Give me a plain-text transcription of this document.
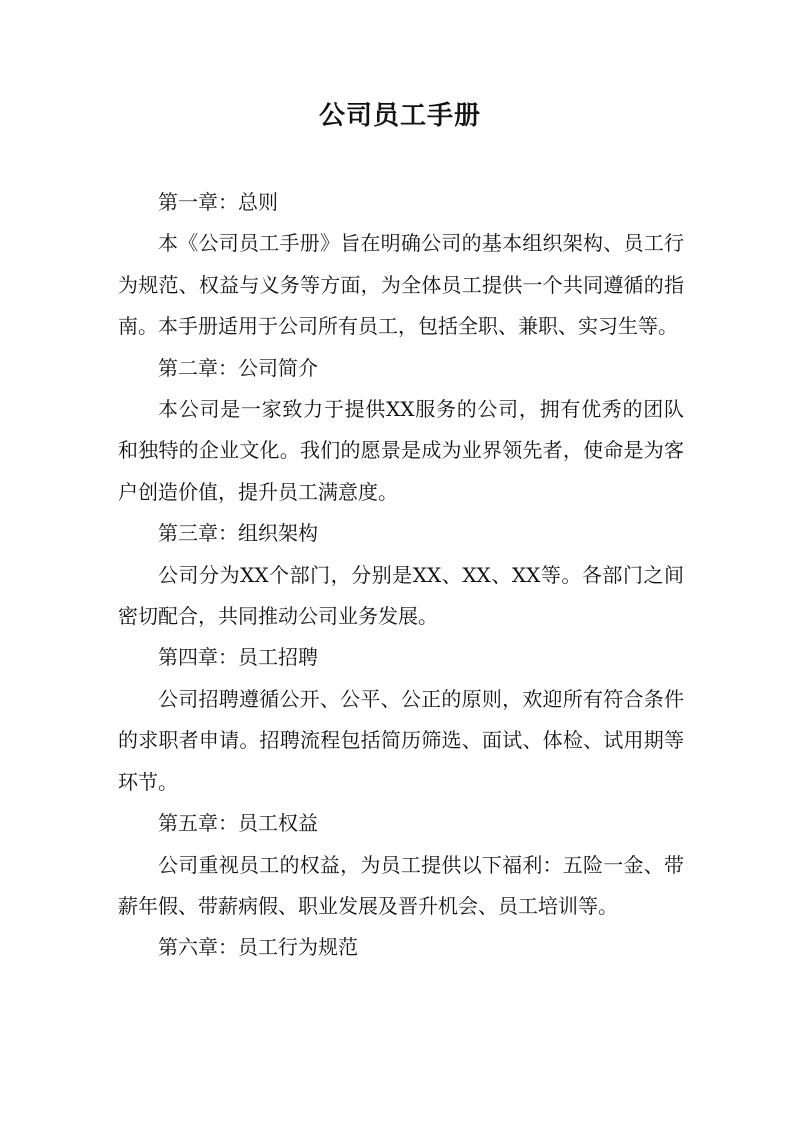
公司员工手册

第一章：总则

本《公司员工手册》旨在明确公司的基本组织架构、员工行为规范、权益与义务等方面，为全体员工提供一个共同遵循的指南。本手册适用于公司所有员工，包括全职、兼职、实习生等。

第二章：公司简介

本公司是一家致力于提供XX服务的公司，拥有优秀的团队和独特的企业文化。我们的愿景是成为业界领先者，使命是为客户创造价值，提升员工满意度。

第三章：组织架构

公司分为XX个部门，分别是XX、XX、XX等。各部门之间密切配合，共同推动公司业务发展。

第四章：员工招聘

公司招聘遵循公开、公平、公正的原则，欢迎所有符合条件的求职者申请。招聘流程包括简历筛选、面试、体检、试用期等环节。

第五章：员工权益

公司重视员工的权益，为员工提供以下福利：五险一金、带薪年假、带薪病假、职业发展及晋升机会、员工培训等。

第六章：员工行为规范
